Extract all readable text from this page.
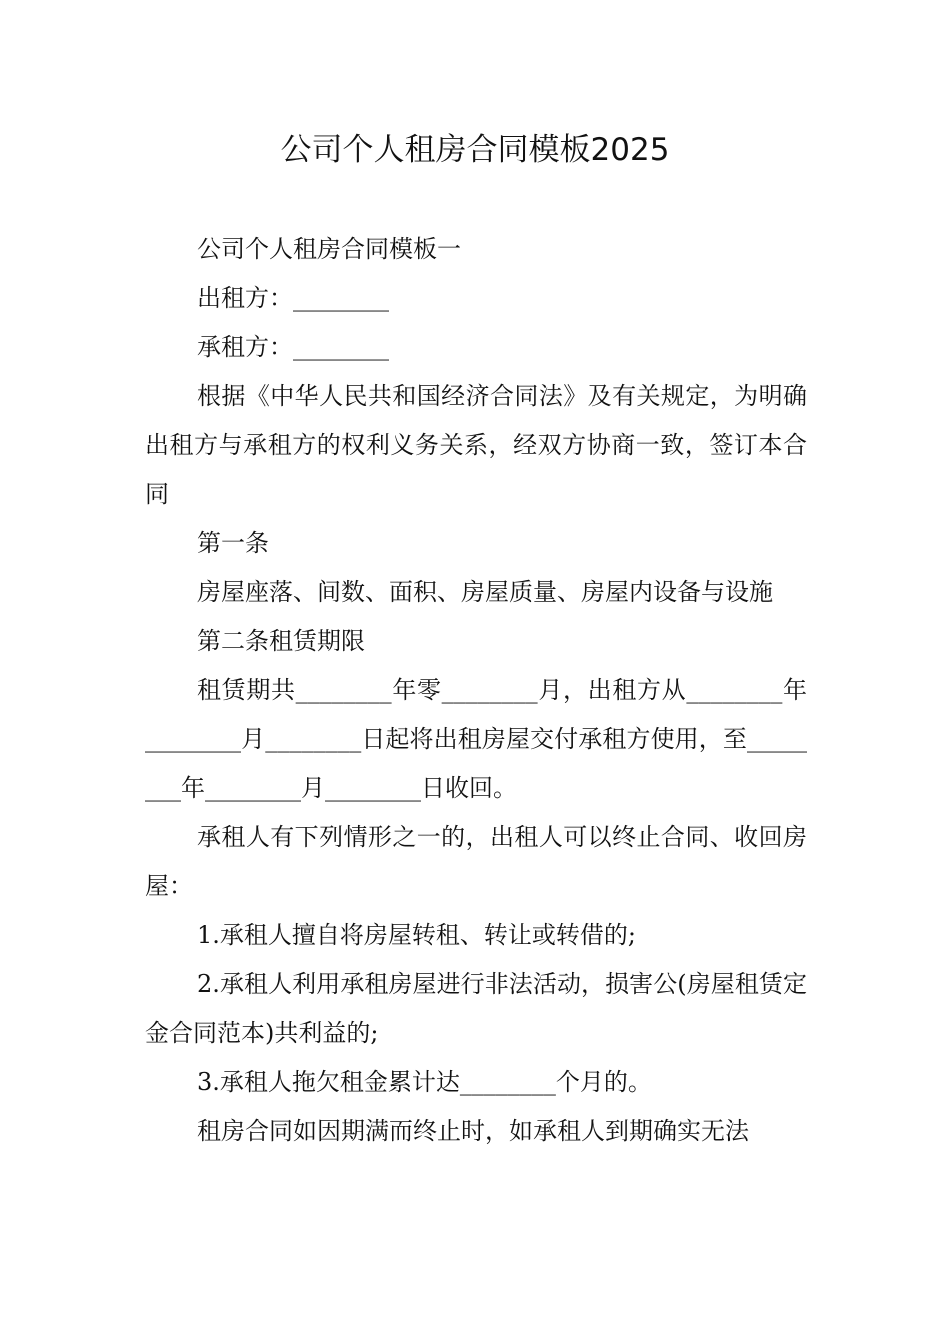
公司个人租房合同模板2025

公司个人租房合同模板一

出租方：________

承租方：________

根据《中华人民共和国经济合同法》及有关规定，为明确出租方与承租方的权利义务关系，经双方协商一致，签订本合同

第一条

房屋座落、间数、面积、房屋质量、房屋内设备与设施

第二条租赁期限

租赁期共________年零________月，出租方从________年________月________日起将出租房屋交付承租方使用，至________年________月________日收回。

承租人有下列情形之一的，出租人可以终止合同、收回房屋：

1.承租人擅自将房屋转租、转让或转借的;

2.承租人利用承租房屋进行非法活动，损害公(房屋租赁定金合同范本)共利益的;

3.承租人拖欠租金累计达________个月的。

租房合同如因期满而终止时，如承租人到期确实无法
